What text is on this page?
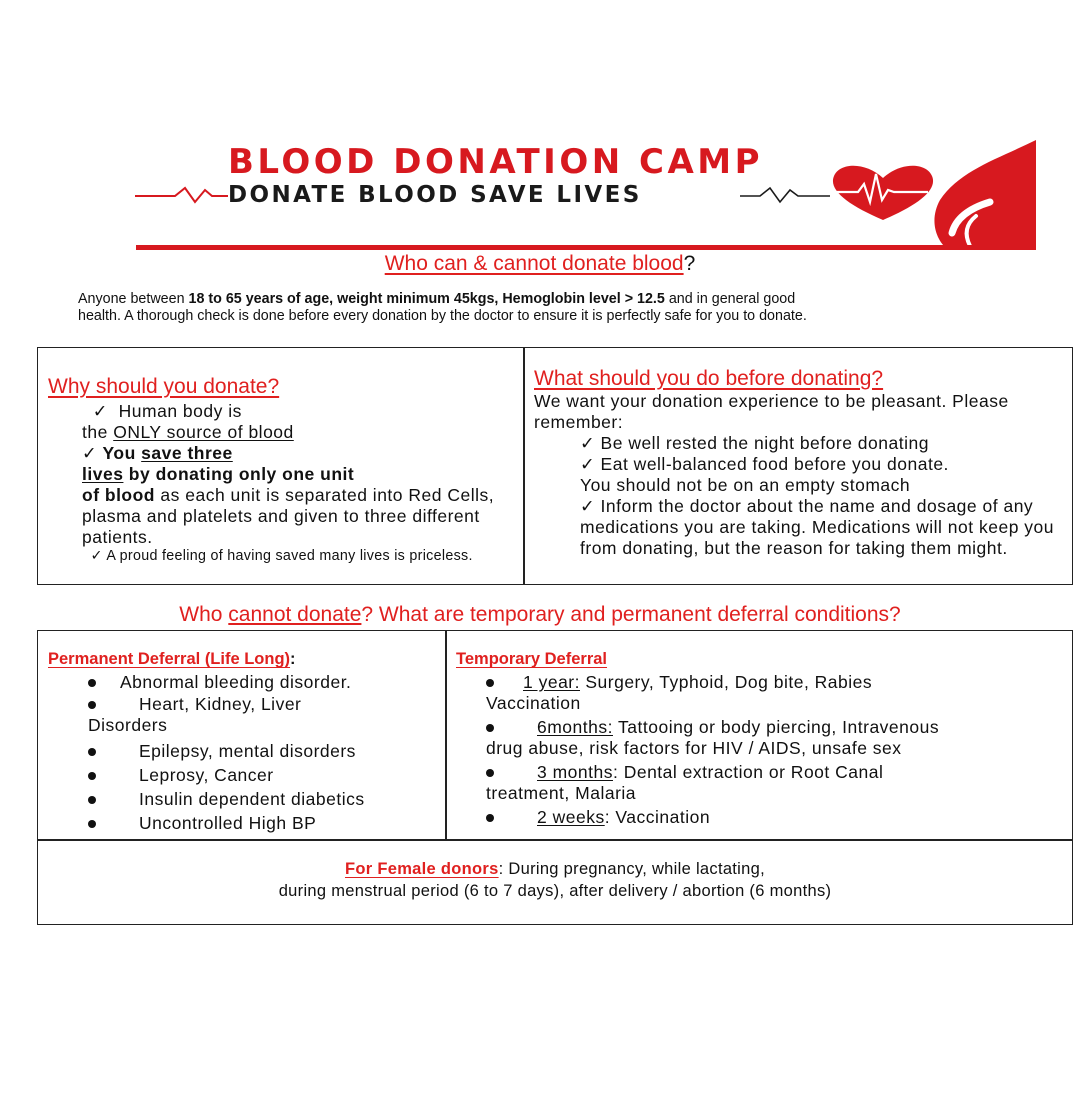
BLOOD DONATION CAMP
DONATE BLOOD SAVE LIVES
Who can & cannot donate blood?
Anyone between 18 to 65 years of age, weight minimum 45kgs, Hemoglobin level > 12.5 and in general good
health. A thorough check is done before every donation by the doctor to ensure it is perfectly safe for you to donate.
Why should you donate?
✓ Human body is
the ONLY source of blood
✓ You save three
lives by donating only one unit
of blood as each unit is separated into Red Cells, plasma and platelets and given to three different patients.
✓ A proud feeling of having saved many lives is priceless.
What should you do before donating?
We want your donation experience to be pleasant. Please remember:
✓ Be well rested the night before donating
✓ Eat well-balanced food before you donate.
You should not be on an empty stomach
✓ Inform the doctor about the name and dosage of any medications you are taking. Medications will not keep you from donating, but the reason for taking them might.
Who cannot donate? What are temporary and permanent deferral conditions?
Permanent Deferral (Life Long):
Abnormal bleeding disorder.
Heart, Kidney, Liver
Disorders
Epilepsy, mental disorders
Leprosy, Cancer
Insulin dependent diabetics
Uncontrolled High BP
Temporary Deferral
1 year: Surgery, Typhoid, Dog bite, Rabies
Vaccination
6months: Tattooing or body piercing, Intravenous
drug abuse, risk factors for HIV / AIDS, unsafe sex
3 months: Dental extraction or Root Canal
treatment, Malaria
2 weeks: Vaccination
For Female donors: During pregnancy, while lactating,
during menstrual period (6 to 7 days), after delivery / abortion (6 months)
